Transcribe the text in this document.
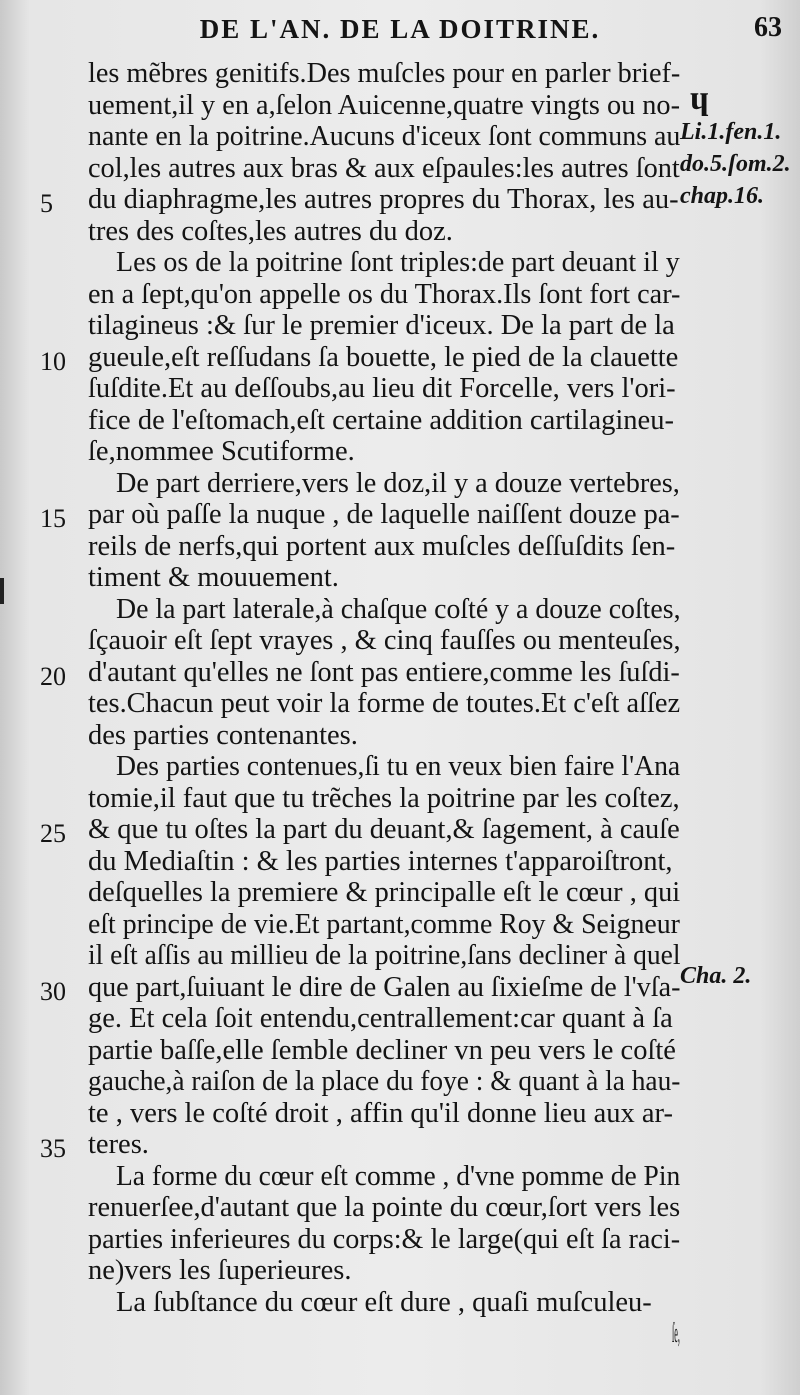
DE L'AN. DE LA DOITRINE.	63
ɥ
les mẽbres genitifs.Des muſcles pour en parler brief-
uement,il y en a,ſelon Auicenne,quatre vingts ou no-
nante en la poitrine.Aucuns d'iceux ſont communs au
col,les autres aux bras & aux eſpaules:les autres ſont
du diaphragme,les autres propres du Thorax, les au-
5
tres des coſtes,les autres du doz.
Les os de la poitrine ſont triples:de part deuant il y
en a ſept,qu'on appelle os du Thorax.Ils ſont fort car-
tilagineus :& ſur le premier d'iceux. De la part de la
gueule,eſt reſſudans ſa bouette, le pied de la clauette
10
ſuſdite.Et au deſſoubs,au lieu dit Forcelle, vers l'ori-
fice de l'eſtomach,eſt certaine addition cartilagineu-
ſe,nommee Scutiforme.
De part derriere,vers le doz,il y a douze vertebres,
par où paſſe la nuque , de laquelle naiſſent douze pa-
15
reils de nerfs,qui portent aux muſcles deſſuſdits ſen-
timent & mouuement.
De la part laterale,à chaſque coſté y a douze coſtes,
ſçauoir eſt ſept vrayes , & cinq fauſſes ou menteuſes,
d'autant qu'elles ne ſont pas entiere,comme les ſuſdi-
20
tes.Chacun peut voir la forme de toutes.Et c'eſt aſſez
des parties contenantes.
Des parties contenues,ſi tu en veux bien faire l'Ana
tomie,il faut que tu trẽches la poitrine par les coſtez,
& que tu oſtes la part du deuant,& ſagement, à cauſe
25
du Mediaſtin : & les parties internes t'apparoiſtront,
deſquelles la premiere & principalle eſt le cœur , qui
eſt principe de vie.Et partant,comme Roy & Seigneur
il eſt aſſis au millieu de la poitrine,ſans decliner à quel
que part,ſuiuant le dire de Galen au ſixieſme de l'vſa-
30
ge. Et cela ſoit entendu,centrallement:car quant à ſa
partie baſſe,elle ſemble decliner vn peu vers le coſté
gauche,à raiſon de la place du foye : & quant à la hau-
te , vers le coſté droit , affin qu'il donne lieu aux ar-
teres.
35
La forme du cœur eſt comme , d'vne pomme de Pin
renuerſee,d'autant que la pointe du cœur,ſort vers les
parties inferieures du corps:& le large(qui eſt ſa raci-
ne)vers les ſuperieures.
La ſubſtance du cœur eſt dure , quaſi muſculeu-
ſe,
Li.1.fen.1.
do.5.ſom.2.
chap.16.
Cha. 2.
